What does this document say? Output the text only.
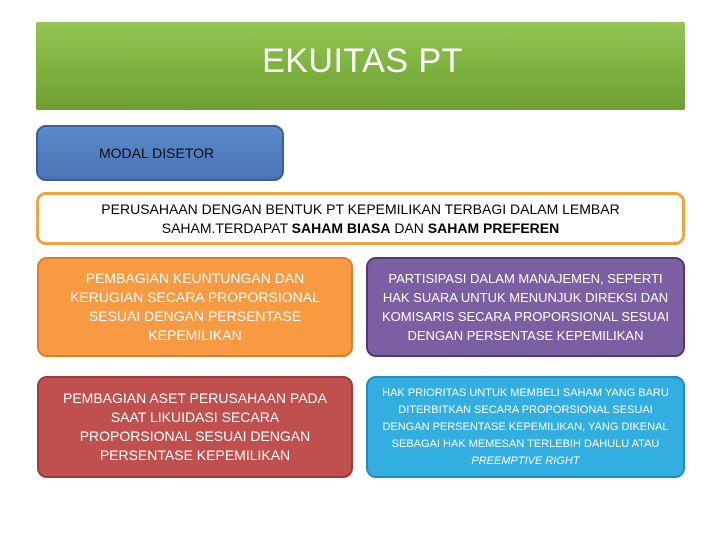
EKUITAS PT
MODAL DISETOR
PERUSAHAAN DENGAN BENTUK PT KEPEMILIKAN TERBAGI DALAM LEMBAR SAHAM.TERDAPAT SAHAM BIASA DAN SAHAM PREFEREN
PEMBAGIAN KEUNTUNGAN DAN KERUGIAN SECARA PROPORSIONAL SESUAI DENGAN PERSENTASE KEPEMILIKAN
PARTISIPASI DALAM MANAJEMEN, SEPERTI HAK SUARA UNTUK MENUNJUK DIREKSI DAN KOMISARIS SECARA PROPORSIONAL SESUAI DENGAN PERSENTASE KEPEMILIKAN
PEMBAGIAN ASET PERUSAHAAN PADA SAAT LIKUIDASI SECARA PROPORSIONAL SESUAI DENGAN PERSENTASE KEPEMILIKAN
HAK PRIORITAS UNTUK MEMBELI SAHAM YANG BARU DITERBITKAN SECARA PROPORSIONAL SESUAI DENGAN PERSENTASE KEPEMILIKAN, YANG DIKENAL SEBAGAI HAK MEMESAN TERLEBIH DAHULU ATAU PREEMPTIVE RIGHT
